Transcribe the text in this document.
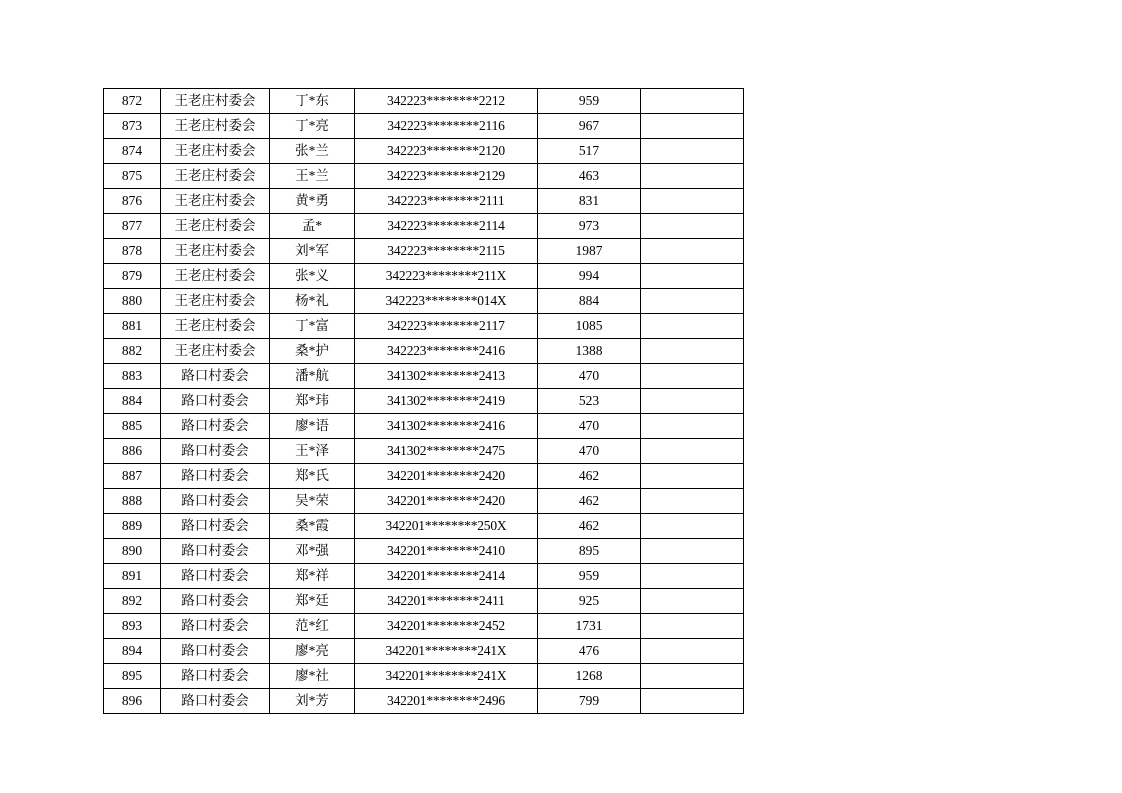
872	王老庄村委会	丁*东	342223********2212	959	
873	王老庄村委会	丁*亮	342223********2116	967	
874	王老庄村委会	张*兰	342223********2120	517	
875	王老庄村委会	王*兰	342223********2129	463	
876	王老庄村委会	黄*勇	342223********2111	831	
877	王老庄村委会	孟*	342223********2114	973	
878	王老庄村委会	刘*军	342223********2115	1987	
879	王老庄村委会	张*义	342223********211X	994	
880	王老庄村委会	杨*礼	342223********014X	884	
881	王老庄村委会	丁*富	342223********2117	1085	
882	王老庄村委会	桑*护	342223********2416	1388	
883	路口村委会	潘*航	341302********2413	470	
884	路口村委会	郑*玮	341302********2419	523	
885	路口村委会	廖*语	341302********2416	470	
886	路口村委会	王*泽	341302********2475	470	
887	路口村委会	郑*氏	342201********2420	462	
888	路口村委会	吴*荣	342201********2420	462	
889	路口村委会	桑*霞	342201********250X	462	
890	路口村委会	邓*强	342201********2410	895	
891	路口村委会	郑*祥	342201********2414	959	
892	路口村委会	郑*廷	342201********2411	925	
893	路口村委会	范*红	342201********2452	1731	
894	路口村委会	廖*亮	342201********241X	476	
895	路口村委会	廖*社	342201********241X	1268	
896	路口村委会	刘*芳	342201********2496	799	
